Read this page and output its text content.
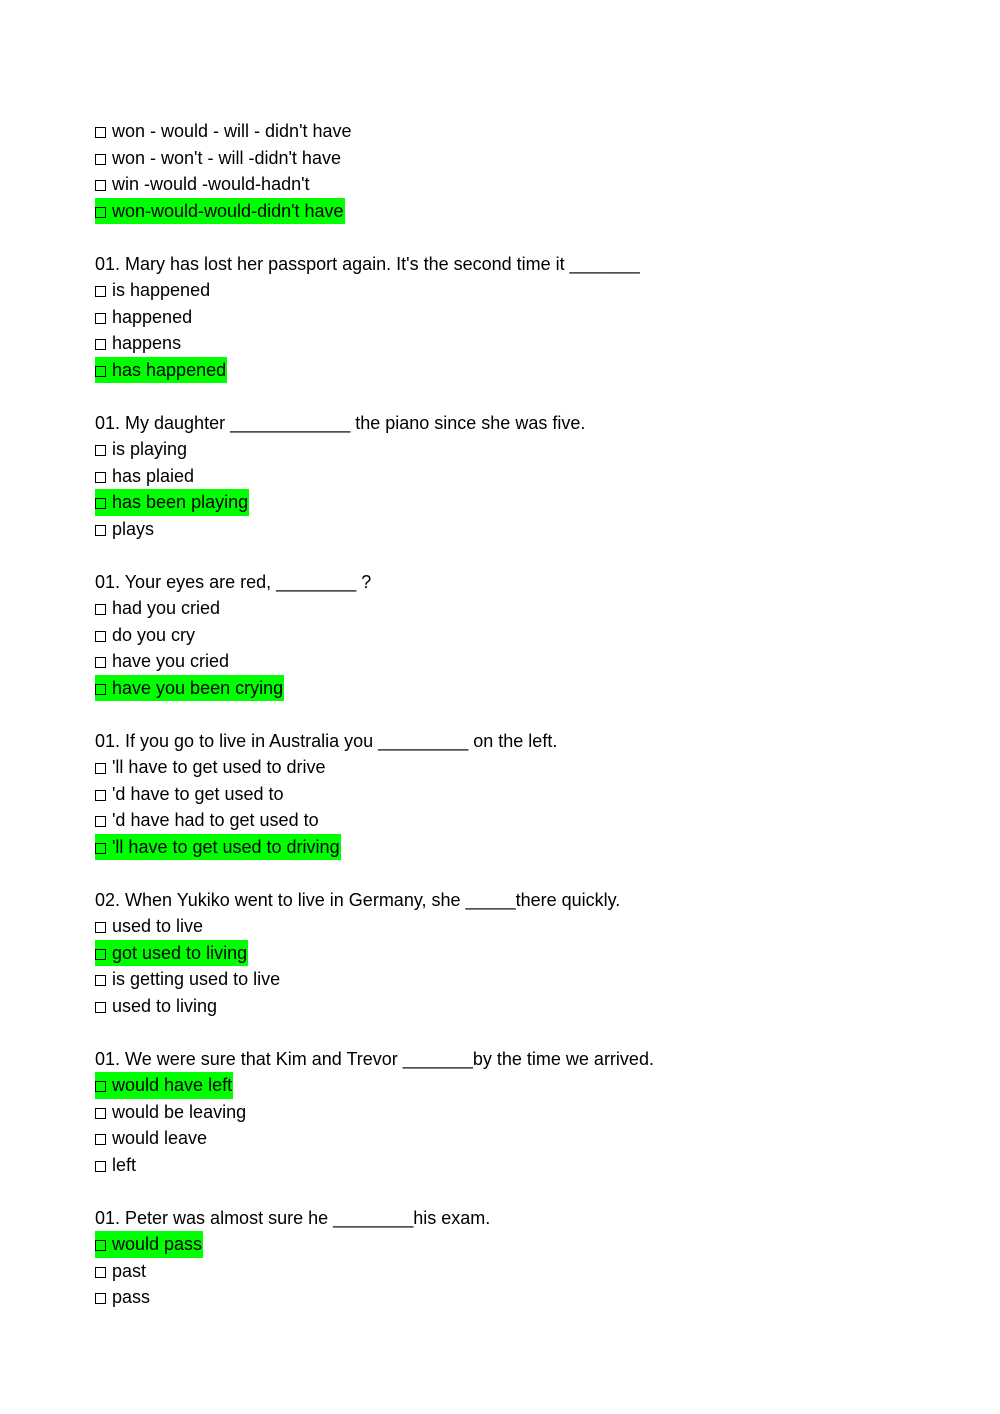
won - would - will - didn't have
won - won't - will -didn't have
win -would -would-hadn't
won-would-would-didn't have
01. Mary has lost her passport again. It's the second time it _______
is happened
happened
happens
has happened
01. My daughter ____________ the piano since she was five.
is playing
has plaied
has been playing
plays
01. Your eyes are red, ________ ?
had you cried
do you cry
have you cried
have you been crying
01. If you go to live in Australia you _________ on the left.
'll have to get used to drive
'd have to get used to
'd have had to get used to
'll have to get used to driving
02. When Yukiko went to live in Germany, she _____there quickly.
used to live
got used to living
is getting used to live
used to living
01. We were sure that Kim and Trevor _______by the time we arrived.
would have left
would be leaving
would leave
left
01. Peter was almost sure he ________his exam.
would pass
past
pass
